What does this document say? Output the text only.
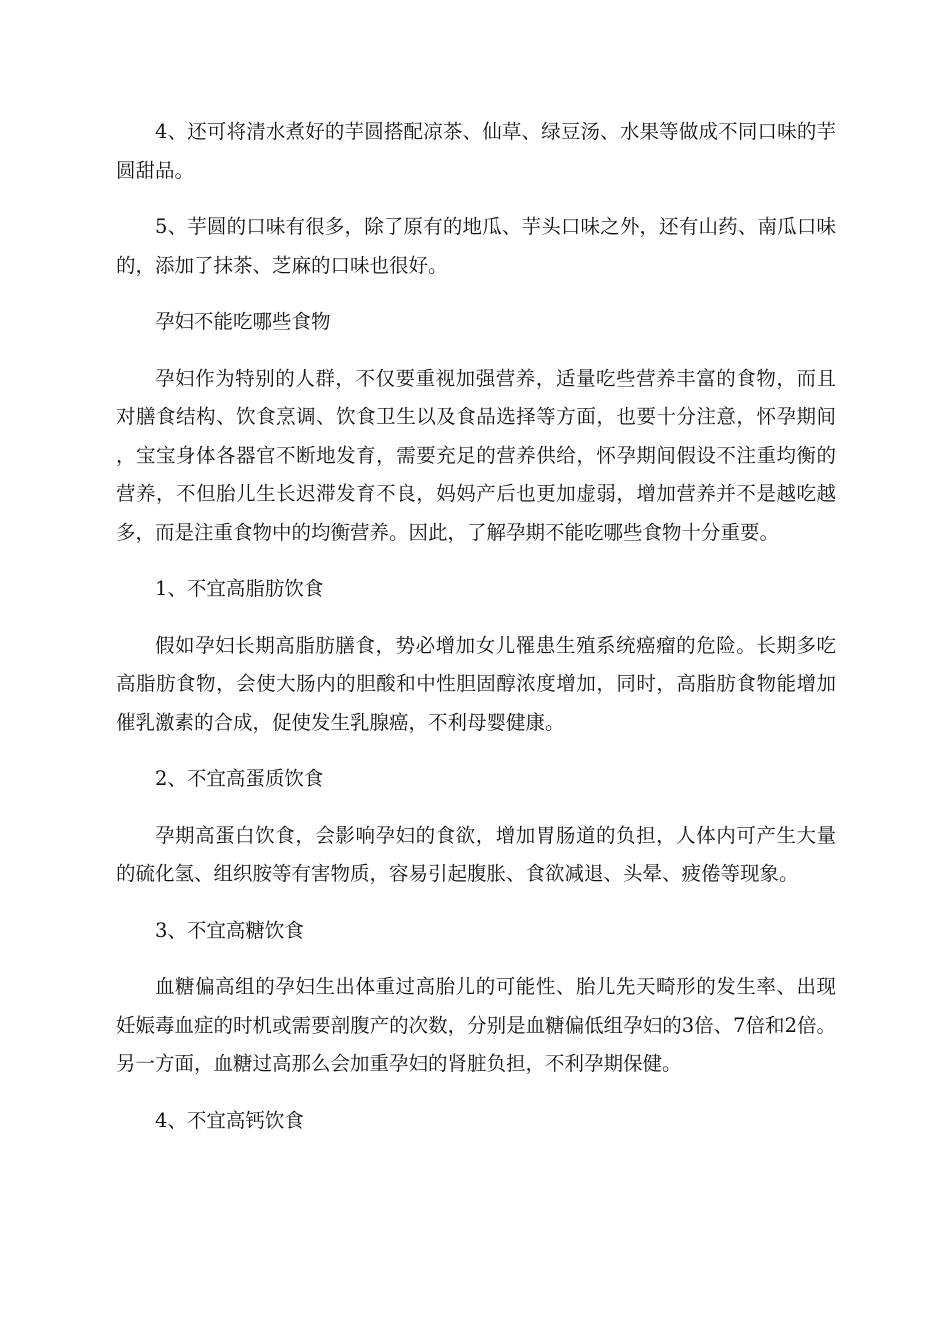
4、还可将清水煮好的芋圆搭配凉茶、仙草、绿豆汤、水果等做成不同口味的芋圆甜品。

5、芋圆的口味有很多，除了原有的地瓜、芋头口味之外，还有山药、南瓜口味的，添加了抹茶、芝麻的口味也很好。

孕妇不能吃哪些食物

孕妇作为特别的人群，不仅要重视加强营养，适量吃些营养丰富的食物，而且对膳食结构、饮食烹调、饮食卫生以及食品选择等方面，也要十分注意，怀孕期间，宝宝身体各器官不断地发育，需要充足的营养供给，怀孕期间假设不注重均衡的营养，不但胎儿生长迟滞发育不良，妈妈产后也更加虚弱，增加营养并不是越吃越多，而是注重食物中的均衡营养。因此，了解孕期不能吃哪些食物十分重要。

1、不宜高脂肪饮食

假如孕妇长期高脂肪膳食，势必增加女儿罹患生殖系统癌瘤的危险。长期多吃高脂肪食物，会使大肠内的胆酸和中性胆固醇浓度增加，同时，高脂肪食物能增加催乳激素的合成，促使发生乳腺癌，不利母婴健康。

2、不宜高蛋质饮食

孕期高蛋白饮食，会影响孕妇的食欲，增加胃肠道的负担，人体内可产生大量的硫化氢、组织胺等有害物质，容易引起腹胀、食欲减退、头晕、疲倦等现象。

3、不宜高糖饮食

血糖偏高组的孕妇生出体重过高胎儿的可能性、胎儿先天畸形的发生率、出现妊娠毒血症的时机或需要剖腹产的次数，分别是血糖偏低组孕妇的3倍、7倍和2倍。另一方面，血糖过高那么会加重孕妇的肾脏负担，不利孕期保健。

4、不宜高钙饮食
